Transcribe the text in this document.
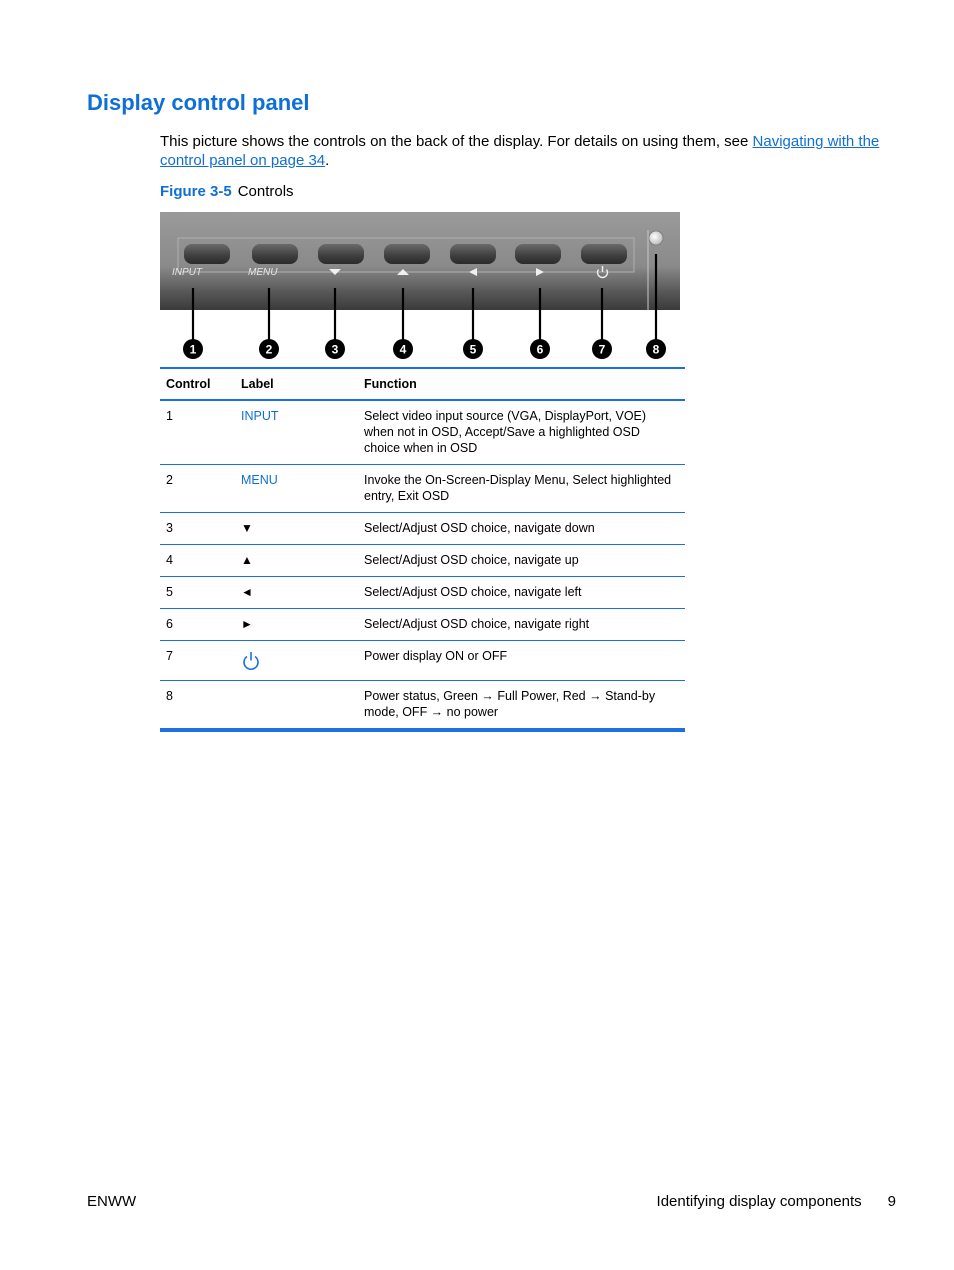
Display control panel

This picture shows the controls on the back of the display. For details on using them, see Navigating with the control panel on page 34.

Figure 3-5 Controls

INPUT	MENU
1	2	3	4	5	6	7	8
Control	Label	Function
1	INPUT	Select video input source (VGA, DisplayPort, VOE) when not in OSD, Accept/Save a highlighted OSD choice when in OSD
2	MENU	Invoke the On-Screen-Display Menu, Select highlighted entry, Exit OSD
3	▼	Select/Adjust OSD choice, navigate down
4	▲	Select/Adjust OSD choice, navigate up
5	◄	Select/Adjust OSD choice, navigate left
6	►	Select/Adjust OSD choice, navigate right
7		Power display ON or OFF
8		Power status, Green → Full Power, Red → Stand-by mode, OFF → no power
ENWW	Identifying display components 9
